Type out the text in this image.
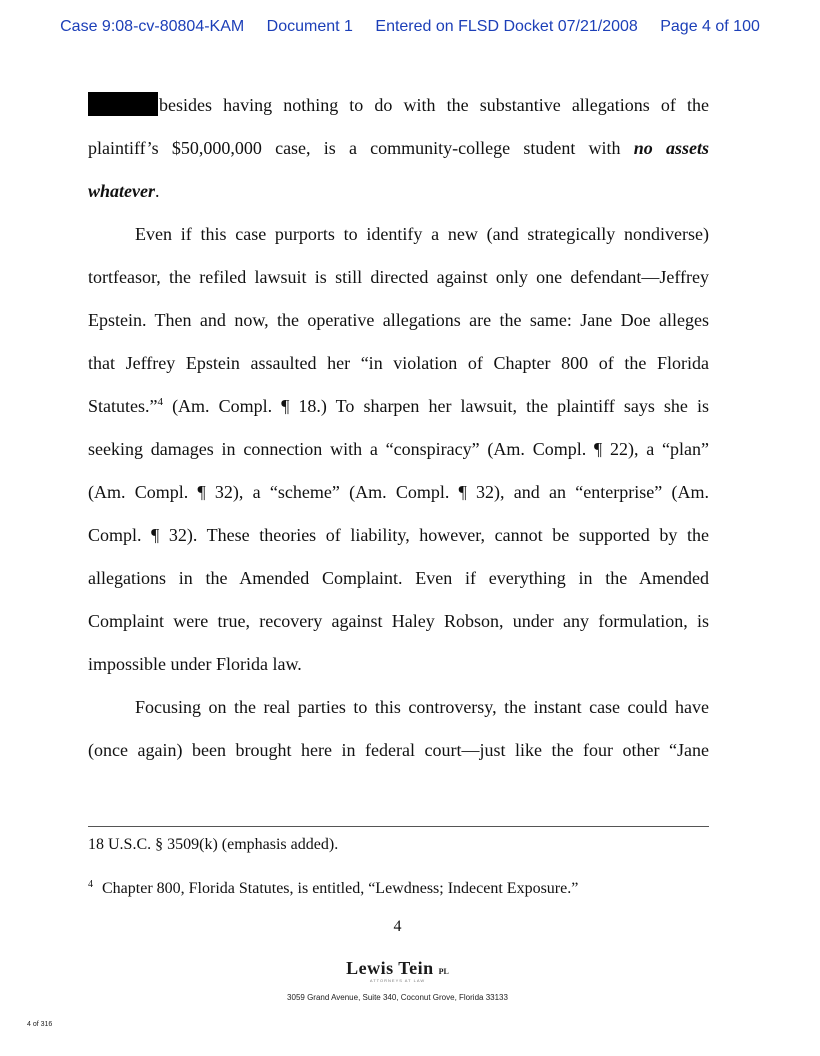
Case 9:08-cv-80804-KAM Document 1 Entered on FLSD Docket 07/21/2008 Page 4 of 100
besides having nothing to do with the substantive allegations of the
plaintiff’s $50,000,000 case, is a community-college student with no assets
whatever.
Even if this case purports to identify a new (and strategically nondiverse)
tortfeasor, the refiled lawsuit is still directed against only one defendant—Jeffrey
Epstein. Then and now, the operative allegations are the same: Jane Doe alleges
that Jeffrey Epstein assaulted her “in violation of Chapter 800 of the Florida
Statutes.”$^4$ (Am. Compl. ¶ 18.) To sharpen her lawsuit, the plaintiff says she is
seeking damages in connection with a “conspiracy” (Am. Compl. ¶ 22), a “plan”
(Am. Compl. ¶ 32), a “scheme” (Am. Compl. ¶ 32), and an “enterprise” (Am.
Compl. ¶ 32). These theories of liability, however, cannot be supported by the
allegations in the Amended Complaint. Even if everything in the Amended
Complaint were true, recovery against Haley Robson, under any formulation, is
impossible under Florida law.
Focusing on the real parties to this controversy, the instant case could have
(once again) been brought here in federal court—just like the four other “Jane
18 U.S.C. § 3509(k) (emphasis added).
$^4$ Chapter 800, Florida Statutes, is entitled, “Lewdness; Indecent Exposure.”
4
Lewis Tein PL
ATTORNEYS AT LAW
3059 Grand Avenue, Suite 340, Coconut Grove, Florida 33133
4 of 316
